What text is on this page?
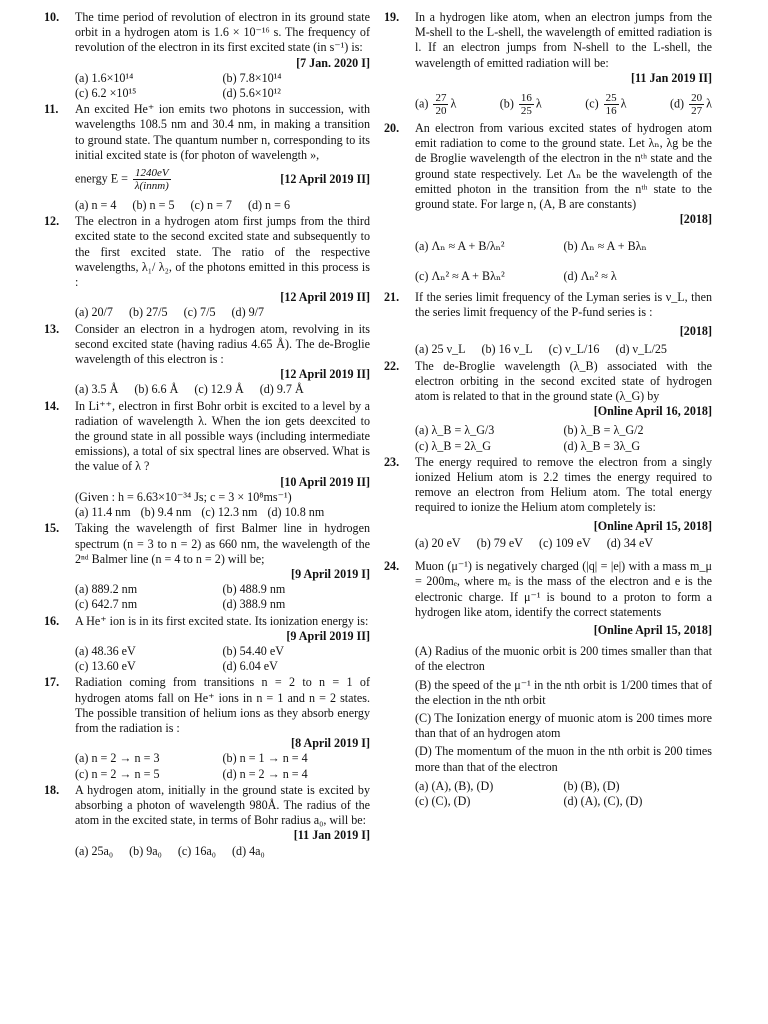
10. The time period of revolution of electron in its ground state orbit in a hydrogen atom is 1.6 × 10⁻¹⁶ s. The frequency of revolution of the electron in its first excited state (in s⁻¹) is:
[7 Jan. 2020 I]
(a) 1.6×10¹⁴	(b) 7.8×10¹⁴
(c) 6.2 ×10¹⁵	(d) 5.6×10¹²
11. An excited He⁺ ion emits two photons in succession, with wavelengths 108.5 nm and 30.4 nm, in making a transition to ground state. The quantum number n, corresponding to its initial excited state is (for photon of wavelength »,
energy $E = \frac{1240eV}{\text{λ(innm)}}$	[12 April 2019 II]
(a) n = 4 (b) n = 5 (c) n = 7 (d) n = 6
12. The electron in a hydrogen atom first jumps from the third excited state to the second excited state and subsequently to the first excited state. The ratio of the respective wavelengths, λ₁/ λ₂, of the photons emitted in this process is :
[12 April 2019 II]
(a) 20/7 (b) 27/5 (c) 7/5 (d) 9/7
13. Consider an electron in a hydrogen atom, revolving in its second excited state (having radius 4.65 Å). The de-Broglie wavelength of this electron is :
[12 April 2019 II]
(a) 3.5 Å (b) 6.6 Å (c) 12.9 Å (d) 9.7 Å
14. In Li⁺⁺, electron in first Bohr orbit is excited to a level by a radiation of wavelength λ. When the ion gets deexcited to the ground state in all possible ways (including intermediate emissions), a total of six spectral lines are observed. What is the value of λ ?
[10 April 2019 II]
(Given : h = 6.63×10⁻³⁴ Js; c = 3 × 10⁸ms⁻¹)
(a) 11.4 nm (b) 9.4 nm (c) 12.3 nm (d) 10.8 nm
15. Taking the wavelength of first Balmer line in hydrogen spectrum (n = 3 to n = 2) as 660 nm, the wavelength of the 2ⁿᵈ Balmer line (n = 4 to n = 2) will be;
[9 April 2019 I]
(a) 889.2 nm	(b) 488.9 nm
(c) 642.7 nm	(d) 388.9 nm
16. A He⁺ ion is in its first excited state. Its ionization energy is:
[9 April 2019 II]
(a) 48.36 eV	(b) 54.40 eV
(c) 13.60 eV	(d) 6.04 eV
17. Radiation coming from transitions n = 2 to n = 1 of hydrogen atoms fall on He⁺ ions in n = 1 and n = 2 states. The possible transition of helium ions as they absorb energy from the radiation is :
[8 April 2019 I]
(a) n = 2 → n = 3	(b) n = 1 → n = 4
(c) n = 2 → n = 5	(d) n = 2 → n = 4
18. A hydrogen atom, initially in the ground state is excited by absorbing a photon of wavelength 980Å. The radius of the atom in the excited state, in terms of Bohr radius a₀, will be:
[11 Jan 2019 I]
(a) 25a₀ (b) 9a₀ (c) 16a₀ (d) 4a₀
19. In a hydrogen like atom, when an electron jumps from the M-shell to the L-shell, the wavelength of emitted radiation is l. If an electron jumps from N-shell to the L-shell, the wavelength of emitted radiation will be:
[11 Jan 2019 II]
$(a) \frac{27}{20}$ λ	$(b) \frac{16}{25}$ λ	$(c) \frac{25}{16}$ λ	$(d) \frac{20}{27}$ λ
20. An electron from various excited states of hydrogen atom emit radiation to come to the ground state. Let λₙ, λg be the de Broglie wavelength of the electron in the nᵗʰ state and the ground state respectively. Let Λₙ be the wavelength of the emitted photon in the transition from the nᵗʰ state to the ground state. For large n, (A, B are constants)
[2018]
(a) Λₙ ≈ A + B/λₙ²	(b) Λₙ ≈ A + Bλₙ
(c) Λₙ² ≈ A + Bλₙ²	(d) Λₙ² ≈ λ
21. If the series limit frequency of the Lyman series is ν_L, then the series limit frequency of the P-fund series is :
[2018]
(a) 25 ν_L (b) 16 ν_L (c) ν_L/16 (d) ν_L/25
22. The de-Broglie wavelength (λ_B) associated with the electron orbiting in the second excited state of hydrogen atom is related to that in the ground state (λ_G) by
[Online April 16, 2018]
(a) λ_B = λ_G/3	(b) λ_B = λ_G/2
(c) λ_B = 2λ_G	(d) λ_B = 3λ_G
23. The energy required to remove the electron from a singly ionized Helium atom is 2.2 times the energy required to remove an electron from Helium atom. The total energy required to ionize the Helium atom completely is:
[Online April 15, 2018]
(a) 20 eV (b) 79 eV (c) 109 eV (d) 34 eV
24. Muon (μ⁻¹) is negatively charged (|q| = |e|) with a mass m_μ = 200mₑ, where mₑ is the mass of the electron and e is the electronic charge. If μ⁻¹ is bound to a proton to form a hydrogen like atom, identify the correct statements
[Online April 15, 2018]
(A) Radius of the muonic orbit is 200 times smaller than that of the electron
(B) the speed of the μ⁻¹ in the nth orbit is 1/200 times that of the election in the nth orbit
(C) The Ionization energy of muonic atom is 200 times more than that of an hydrogen atom
(D) The momentum of the muon in the nth orbit is 200 times more than that of the electron
(a) (A), (B), (D)	(b) (B), (D)
(c) (C), (D)	(d) (A), (C), (D)
